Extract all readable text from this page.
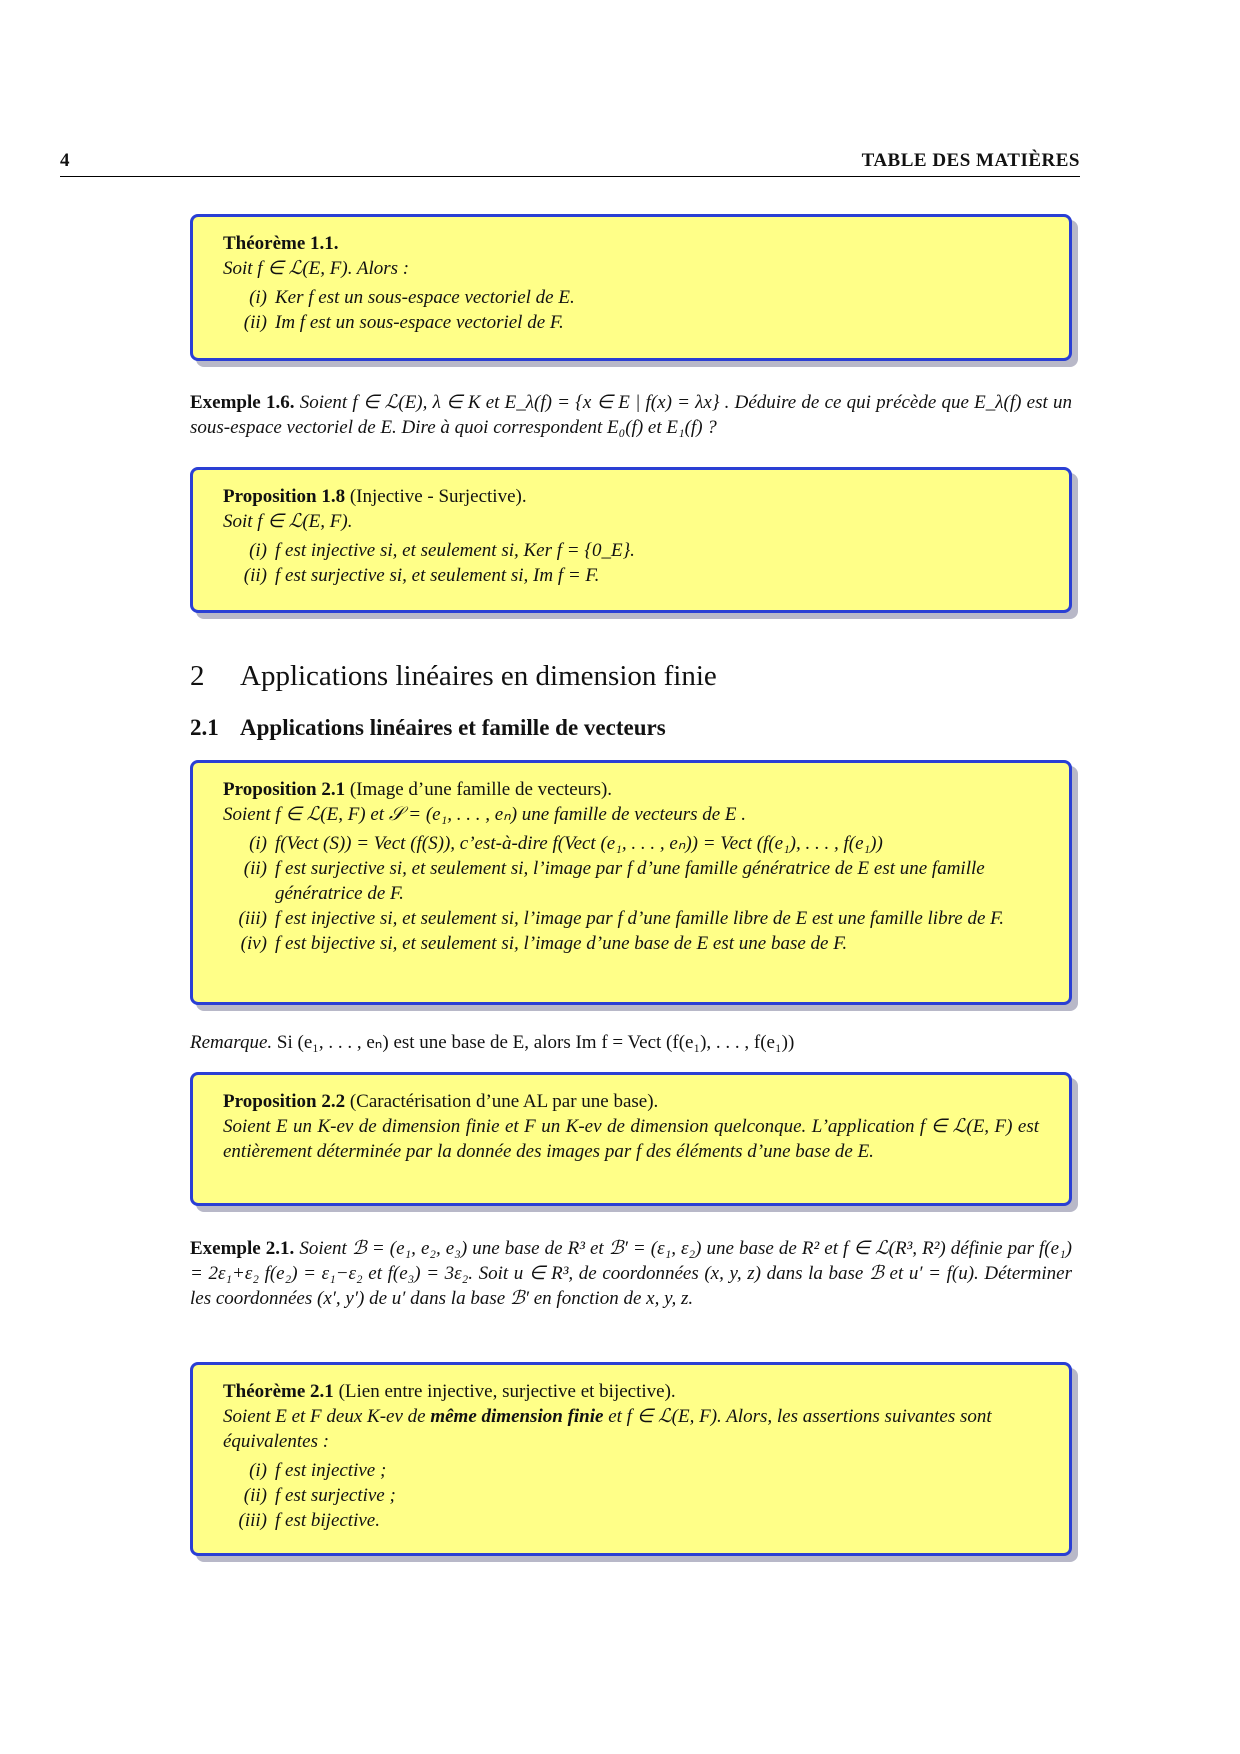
4	TABLE DES MATIÈRES
Théorème 1.1.
Soit f ∈ ℒ(E, F). Alors :
(i) Ker f est un sous-espace vectoriel de E.
(ii) Im f est un sous-espace vectoriel de F.
Exemple 1.6. Soient f ∈ ℒ(E), λ ∈ K et E_λ(f) = {x ∈ E | f(x) = λx} . Déduire de ce qui précède que E_λ(f) est un sous-espace vectoriel de E. Dire à quoi correspondent E₀(f) et E₁(f) ?
Proposition 1.8 (Injective - Surjective).
Soit f ∈ ℒ(E, F).
(i) f est injective si, et seulement si, Ker f = {0_E}.
(ii) f est surjective si, et seulement si, Im f = F.
2 Applications linéaires en dimension finie
2.1 Applications linéaires et famille de vecteurs
Proposition 2.1 (Image d’une famille de vecteurs).
Soient f ∈ ℒ(E, F) et 𝒮 = (e₁, . . . , eₙ) une famille de vecteurs de E .
(i) f(Vect (S)) = Vect (f(S)), c’est-à-dire f(Vect (e₁, . . . , eₙ)) = Vect (f(e₁), . . . , f(e₁))
(ii) f est surjective si, et seulement si, l’image par f d’une famille génératrice de E est une famille génératrice de F.
(iii) f est injective si, et seulement si, l’image par f d’une famille libre de E est une famille libre de F.
(iv) f est bijective si, et seulement si, l’image d’une base de E est une base de F.
Remarque. Si (e₁, . . . , eₙ) est une base de E, alors Im f = Vect (f(e₁), . . . , f(e₁))
Proposition 2.2 (Caractérisation d’une AL par une base).
Soient E un K-ev de dimension finie et F un K-ev de dimension quelconque. L’application f ∈ ℒ(E, F) est entièrement déterminée par la donnée des images par f des éléments d’une base de E.
Exemple 2.1. Soient ℬ = (e₁, e₂, e₃) une base de R³ et ℬ′ = (ε₁, ε₂) une base de R² et f ∈ ℒ(R³, R²) définie par f(e₁) = 2ε₁+ε₂ f(e₂) = ε₁−ε₂ et f(e₃) = 3ε₂. Soit u ∈ R³, de coordonnées (x, y, z) dans la base ℬ et u′ = f(u). Déterminer les coordonnées (x′, y′) de u′ dans la base ℬ′ en fonction de x, y, z.
Théorème 2.1 (Lien entre injective, surjective et bijective).
Soient E et F deux K-ev de même dimension finie et f ∈ ℒ(E, F). Alors, les assertions suivantes sont équivalentes :
(i) f est injective ;
(ii) f est surjective ;
(iii) f est bijective.
